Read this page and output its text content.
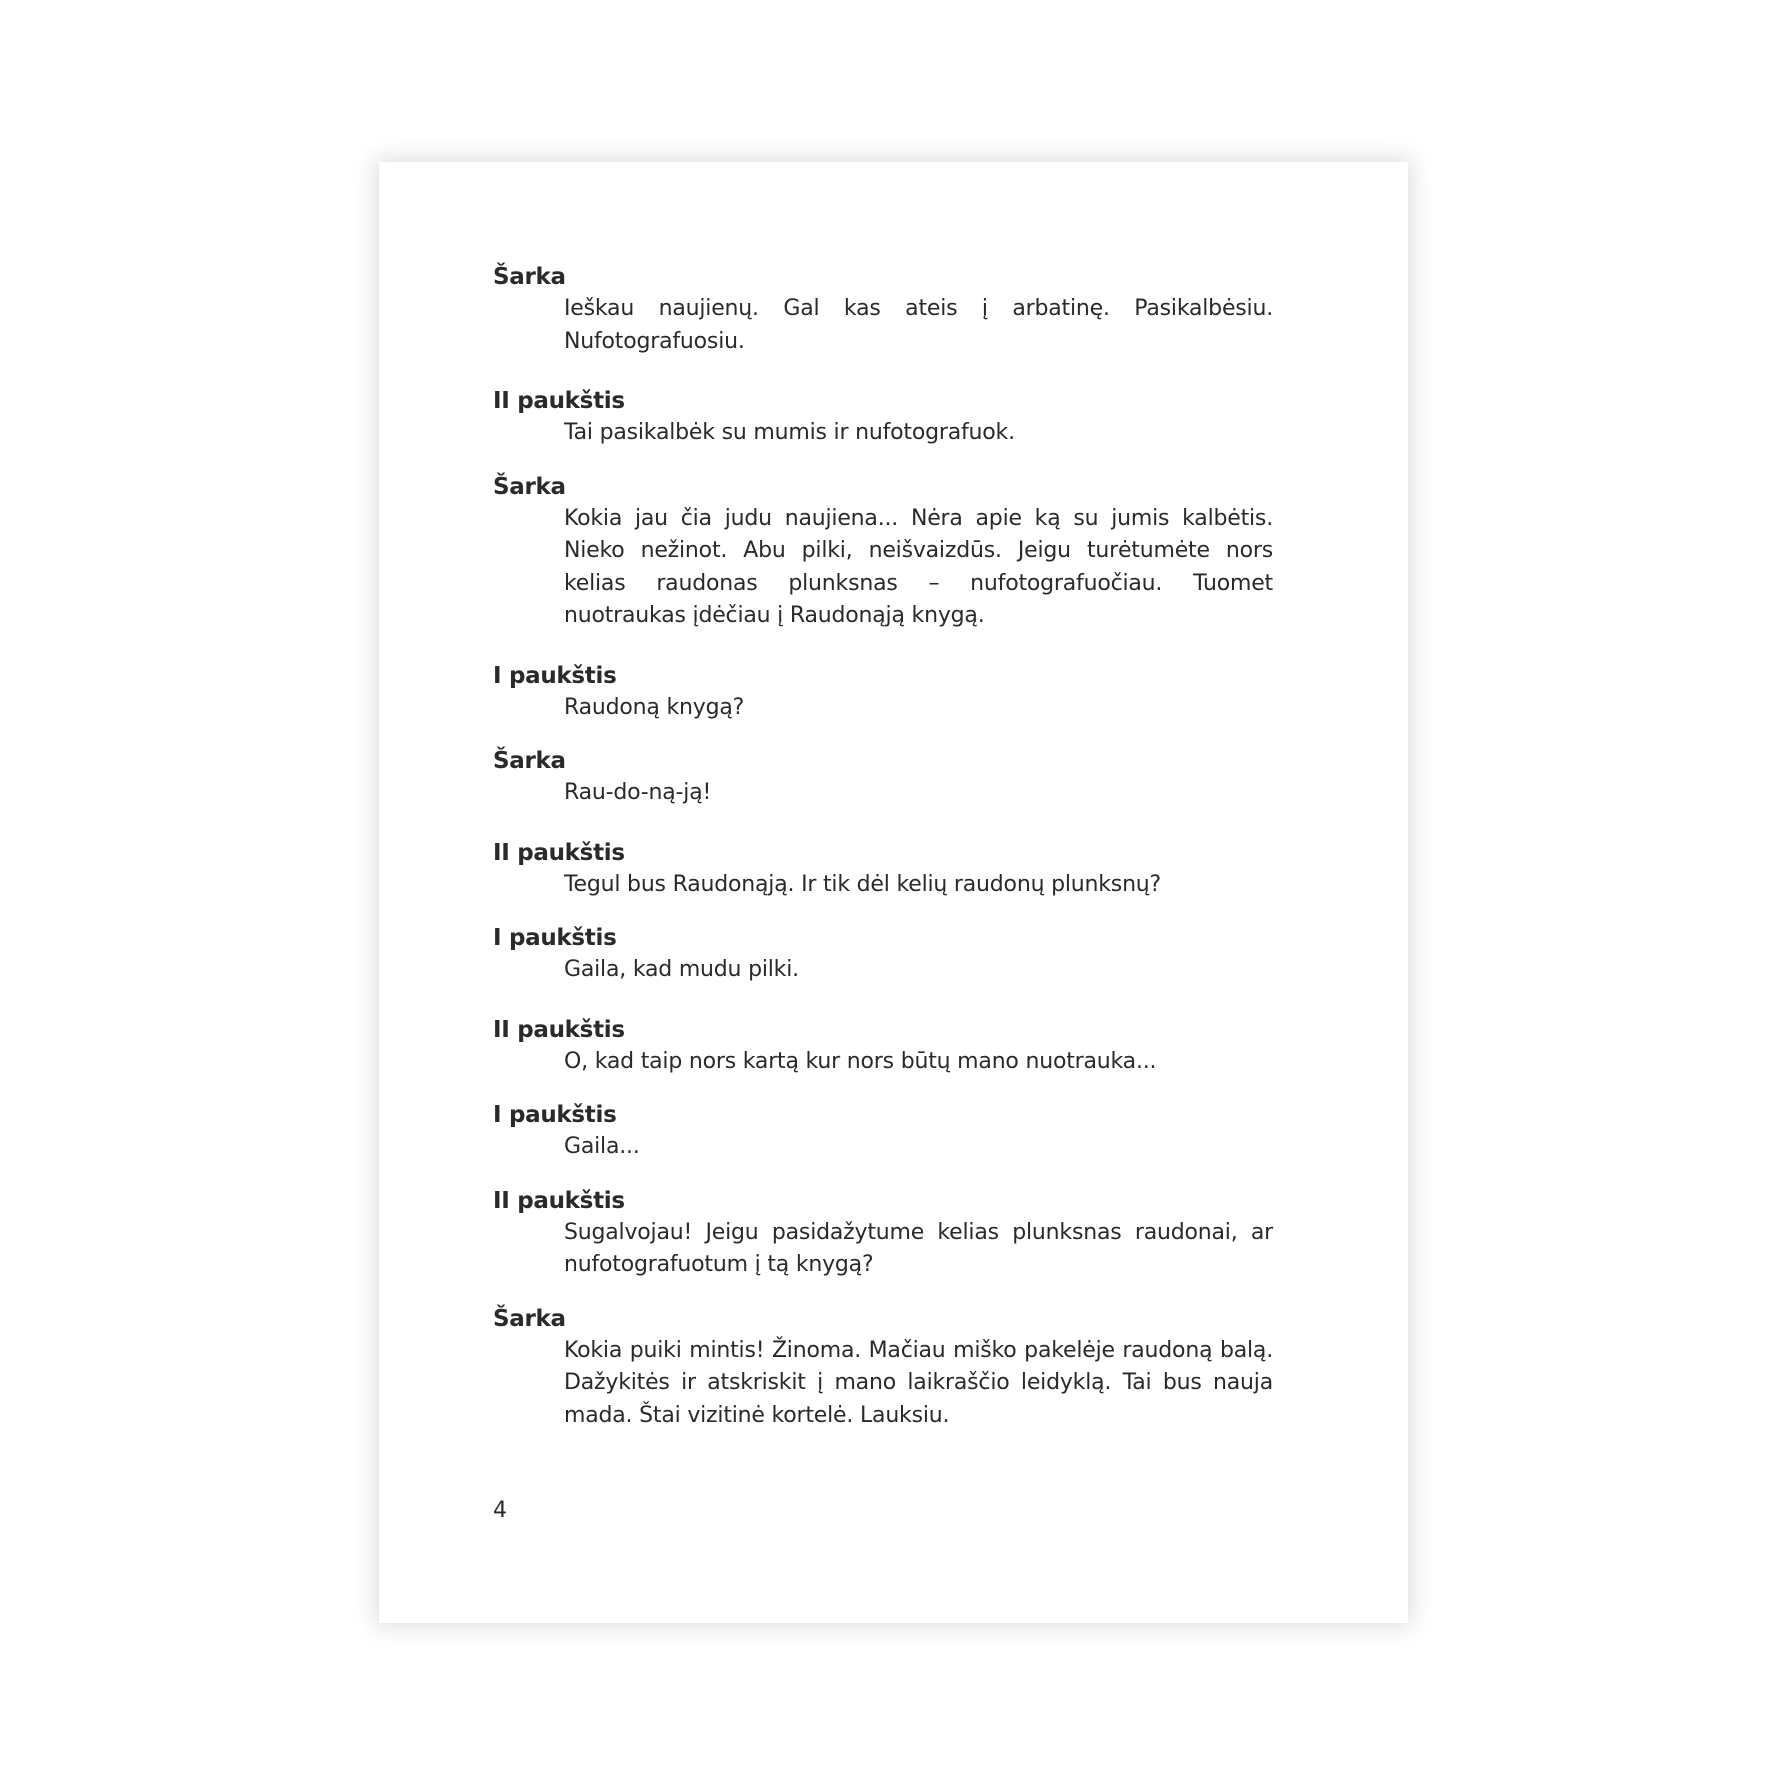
Šarka

Ieškau naujienų. Gal kas ateis į arbatinę. Pasikalbėsiu. Nufotografuosiu.

II paukštis

Tai pasikalbėk su mumis ir nufotografuok.

Šarka

Kokia jau čia judu naujiena... Nėra apie ką su jumis kalbėtis. Nieko nežinot. Abu pilki, neišvaizdūs. Jeigu turėtumėte nors kelias raudonas plunksnas – nufotografuočiau. Tuomet nuotraukas įdėčiau į Raudonąją knygą.

I paukštis

Raudoną knygą?

Šarka

Rau-do-ną-ją!

II paukštis

Tegul bus Raudonąją. Ir tik dėl kelių raudonų plunksnų?

I paukštis

Gaila, kad mudu pilki.

II paukštis

O, kad taip nors kartą kur nors būtų mano nuotrauka...

I paukštis

Gaila...

II paukštis

Sugalvojau! Jeigu pasidažytume kelias plunksnas raudonai, ar nufotografuotum į tą knygą?

Šarka

Kokia puiki mintis! Žinoma. Mačiau miško pakelėje raudoną balą. Dažykitės ir atskriskit į mano laikraščio leidyklą. Tai bus nauja mada. Štai vizitinė kortelė. Lauksiu.

4
